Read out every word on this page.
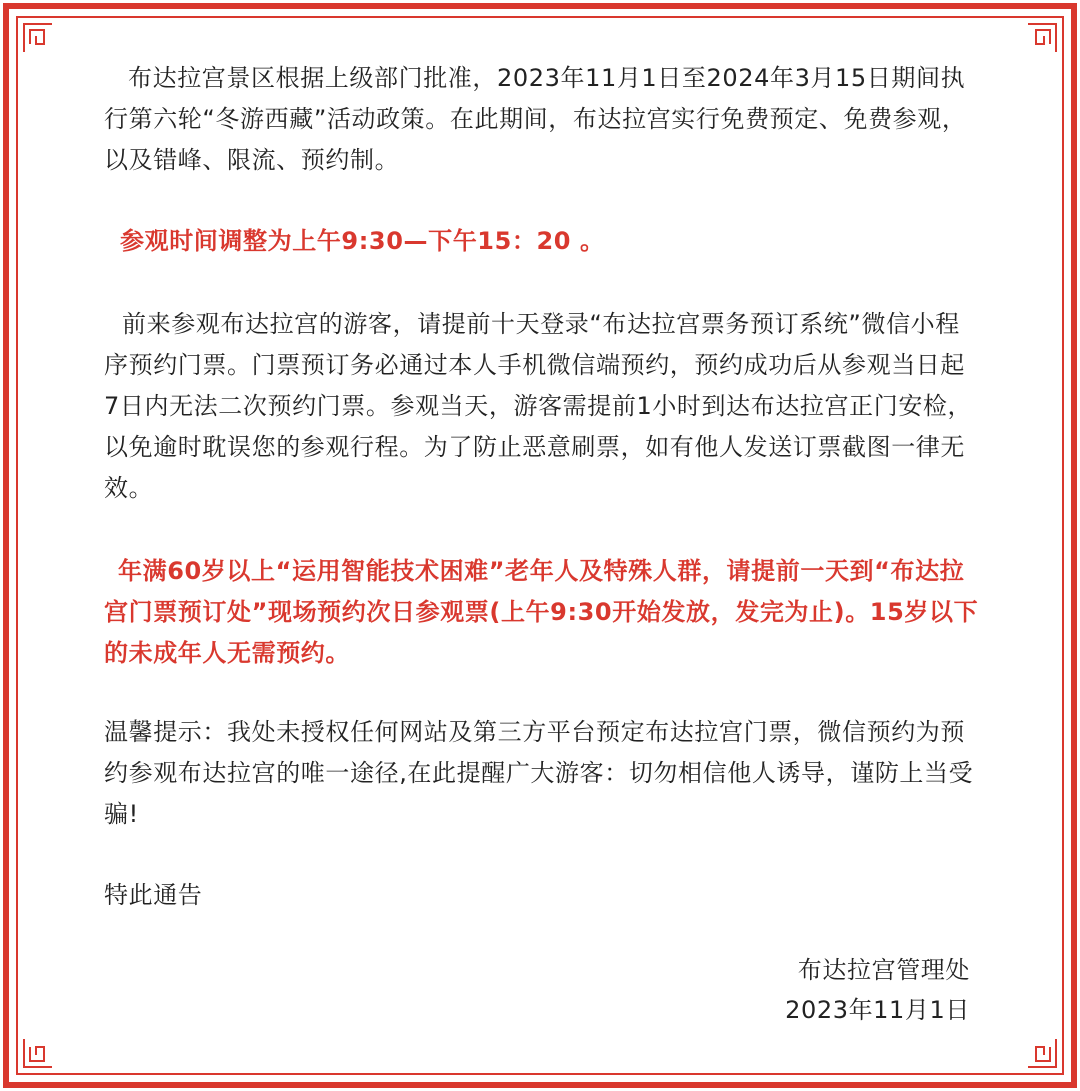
布达拉宫景区根据上级部门批准，2023年11月1日至2024年3月15日期间执行第六轮“冬游西藏”活动政策。在此期间，布达拉宫实行免费预定、免费参观，以及错峰、限流、预约制。

参观时间调整为上午9:30—下午15：20 。

前来参观布达拉宫的游客，请提前十天登录“布达拉宫票务预订系统”微信小程序预约门票。门票预订务必通过本人手机微信端预约，预约成功后从参观当日起7日内无法二次预约门票。参观当天，游客需提前1小时到达布达拉宫正门安检，以免逾时耽误您的参观行程。为了防止恶意刷票，如有他人发送订票截图一律无效。

年满60岁以上“运用智能技术困难”老年人及特殊人群，请提前一天到“布达拉宫门票预订处”现场预约次日参观票(上午9:30开始发放，发完为止)。15岁以下的未成年人无需预约。

温馨提示：我处未授权任何网站及第三方平台预定布达拉宫门票，微信预约为预约参观布达拉宫的唯一途径,在此提醒广大游客：切勿相信他人诱导，谨防上当受骗!

特此通告

布达拉宫管理处

2023年11月1日
